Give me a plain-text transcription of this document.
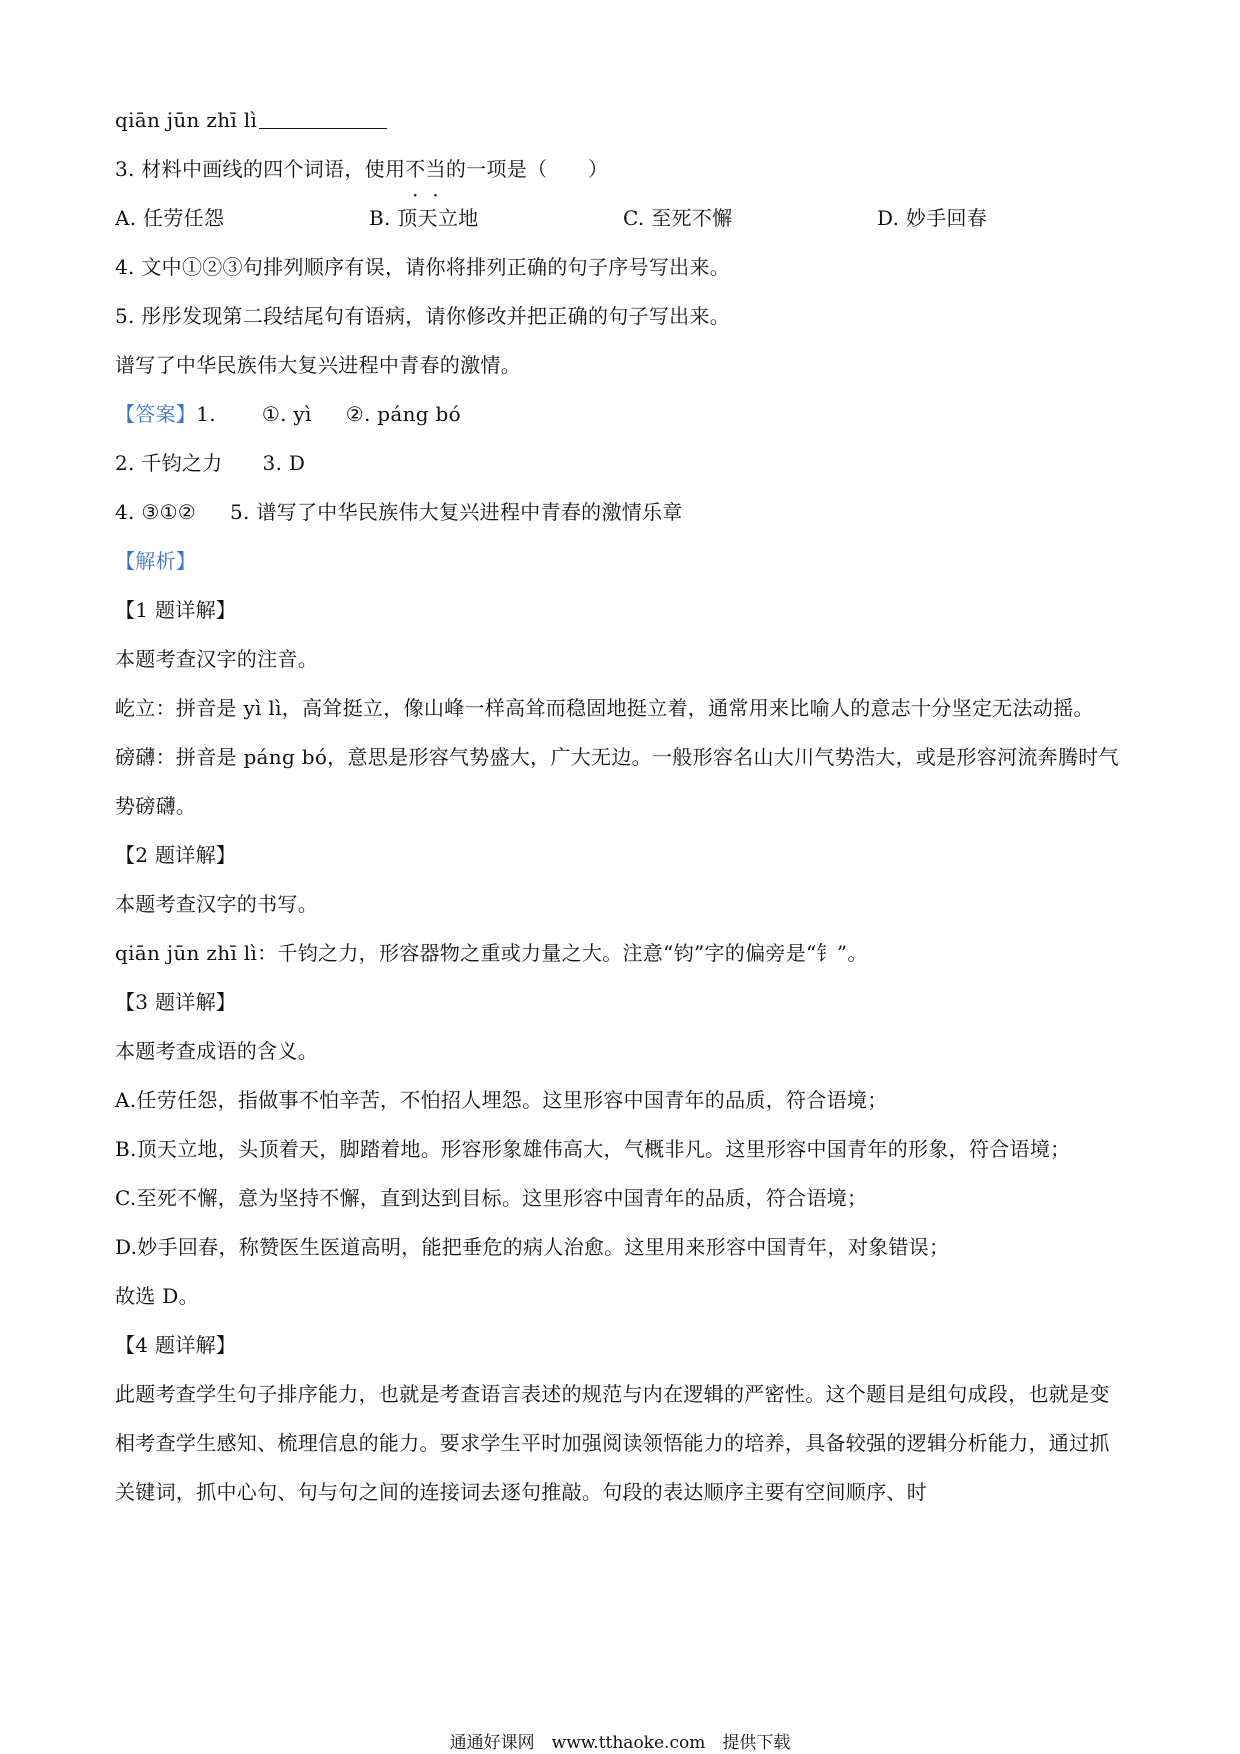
qiān jūn zhī lì
3. 材料中画线的四个词语，使用不当的一项是（　　）
A. 任劳任怨	B. 顶天立地	C. 至死不懈	D. 妙手回春
4. 文中①②③句排列顺序有误，请你将排列正确的句子序号写出来。
5. 彤彤发现第二段结尾句有语病，请你修改并把正确的句子写出来。
谱写了中华民族伟大复兴进程中青春的激情。
【答案】1. ①. yì ②. páng bó
2. 千钧之力 3. D
4. ③①② 5. 谱写了中华民族伟大复兴进程中青春的激情乐章
【解析】
【1 题详解】
本题考查汉字的注音。
屹立：拼音是 yì lì，高耸挺立，像山峰一样高耸而稳固地挺立着，通常用来比喻人的意志十分坚定无法动摇。
磅礴：拼音是 páng bó，意思是形容气势盛大，广大无边。一般形容名山大川气势浩大，或是形容河流奔腾时气势磅礴。
【2 题详解】
本题考查汉字的书写。
qiān jūn zhī lì：千钧之力，形容器物之重或力量之大。注意“钧”字的偏旁是“钅”。
【3 题详解】
本题考查成语的含义。
A.任劳任怨，指做事不怕辛苦，不怕招人埋怨。这里形容中国青年的品质，符合语境；
B.顶天立地，头顶着天，脚踏着地。形容形象雄伟高大，气概非凡。这里形容中国青年的形象，符合语境；
C.至死不懈，意为坚持不懈，直到达到目标。这里形容中国青年的品质，符合语境；
D.妙手回春，称赞医生医道高明，能把垂危的病人治愈。这里用来形容中国青年，对象错误；
故选 D。
【4 题详解】
此题考查学生句子排序能力，也就是考查语言表述的规范与内在逻辑的严密性。这个题目是组句成段，也就是变相考查学生感知、梳理信息的能力。要求学生平时加强阅读领悟能力的培养，具备较强的逻辑分析能力，通过抓关键词，抓中心句、句与句之间的连接词去逐句推敲。句段的表达顺序主要有空间顺序、时
通通好课网　www.tthaoke.com　提供下载
